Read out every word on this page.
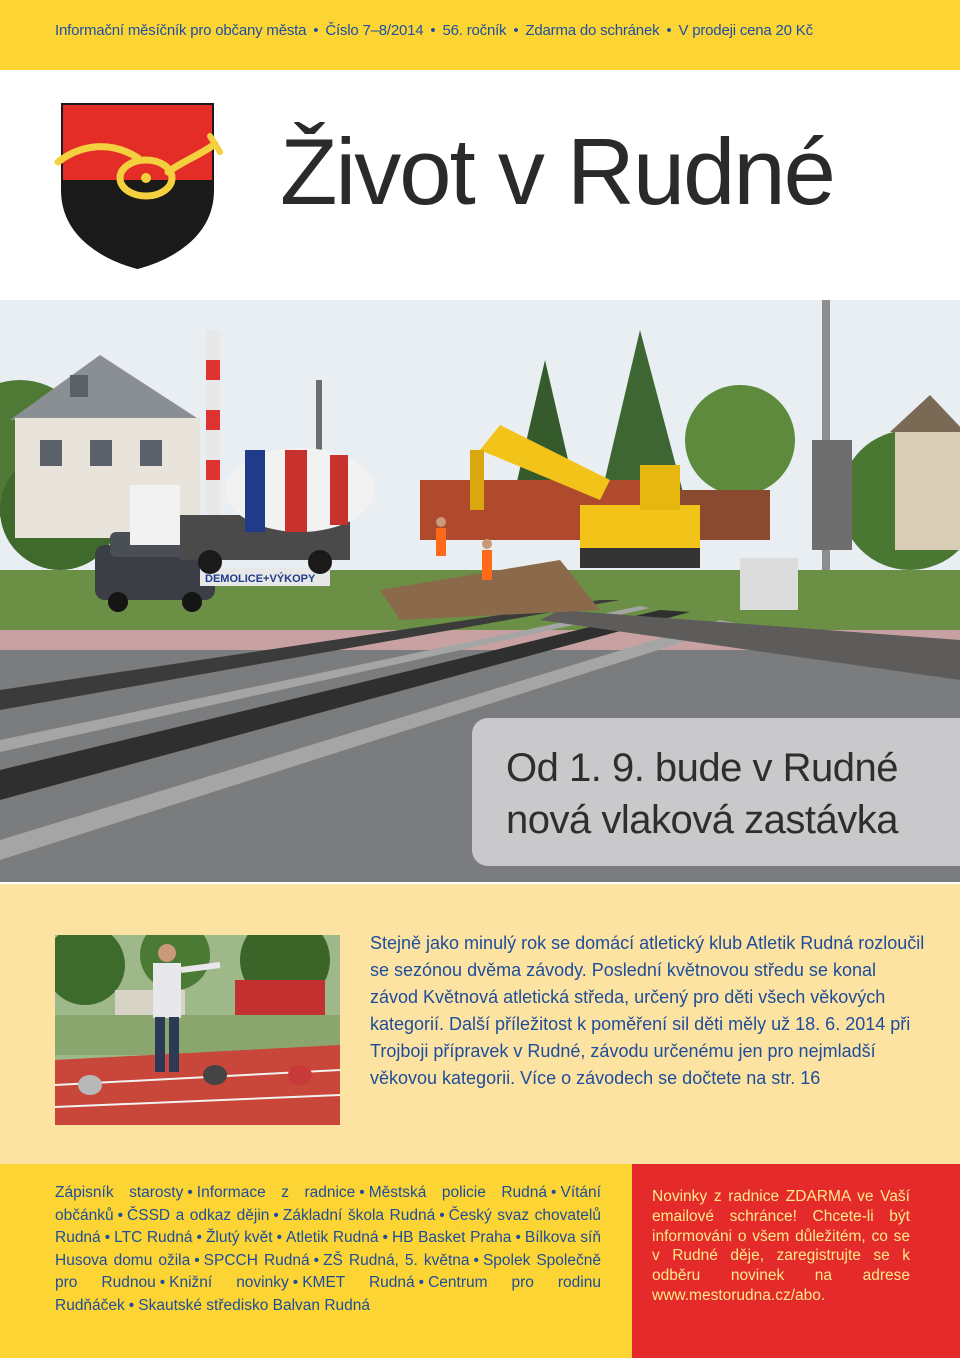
Informační měsíčník pro občany města • Číslo 7–8/2014 • 56. ročník • Zdarma do schránek • V prodeji cena 20 Kč
Život v Rudné
DEMOLICE+VÝKOPY
Od 1. 9. bude v Rudné
nová vlaková zastávka
Stejně jako minulý rok se domácí atletický klub Atletik Rudná rozloučil se sezónou dvěma závody. Poslední květnovou středu se konal závod Květnová atletická středa, určený pro děti všech věkových kategorií. Další příležitost k poměření sil děti měly už 18. 6. 2014 při Trojboji přípravek v Rudné, závodu určenému jen pro nejmladší věkovou kategorii. Více o závodech se dočtete na str. 16
Zápisník starosty • Informace z radnice • Městská policie Rudná • Vítání občánků • ČSSD a odkaz dějin • Základní škola Rudná • Český svaz chovatelů Rudná • LTC Rudná • Žlutý květ • Atletik Rudná • HB Basket Praha • Bílkova síň Husova domu ožila • SPCCH Rudná • ZŠ Rudná, 5. května • Spolek Společně pro Rudnou • Knižní novinky • KMET Rudná • Centrum pro rodinu Rudňáček • Skautské středisko Balvan Rudná
Novinky z radnice ZDARMA ve Vaší emailové schránce! Chcete-li být informováni o všem důležitém, co se v Rudné děje, zaregistrujte se k odběru novinek na adrese www.mestorudna.cz/abo.
